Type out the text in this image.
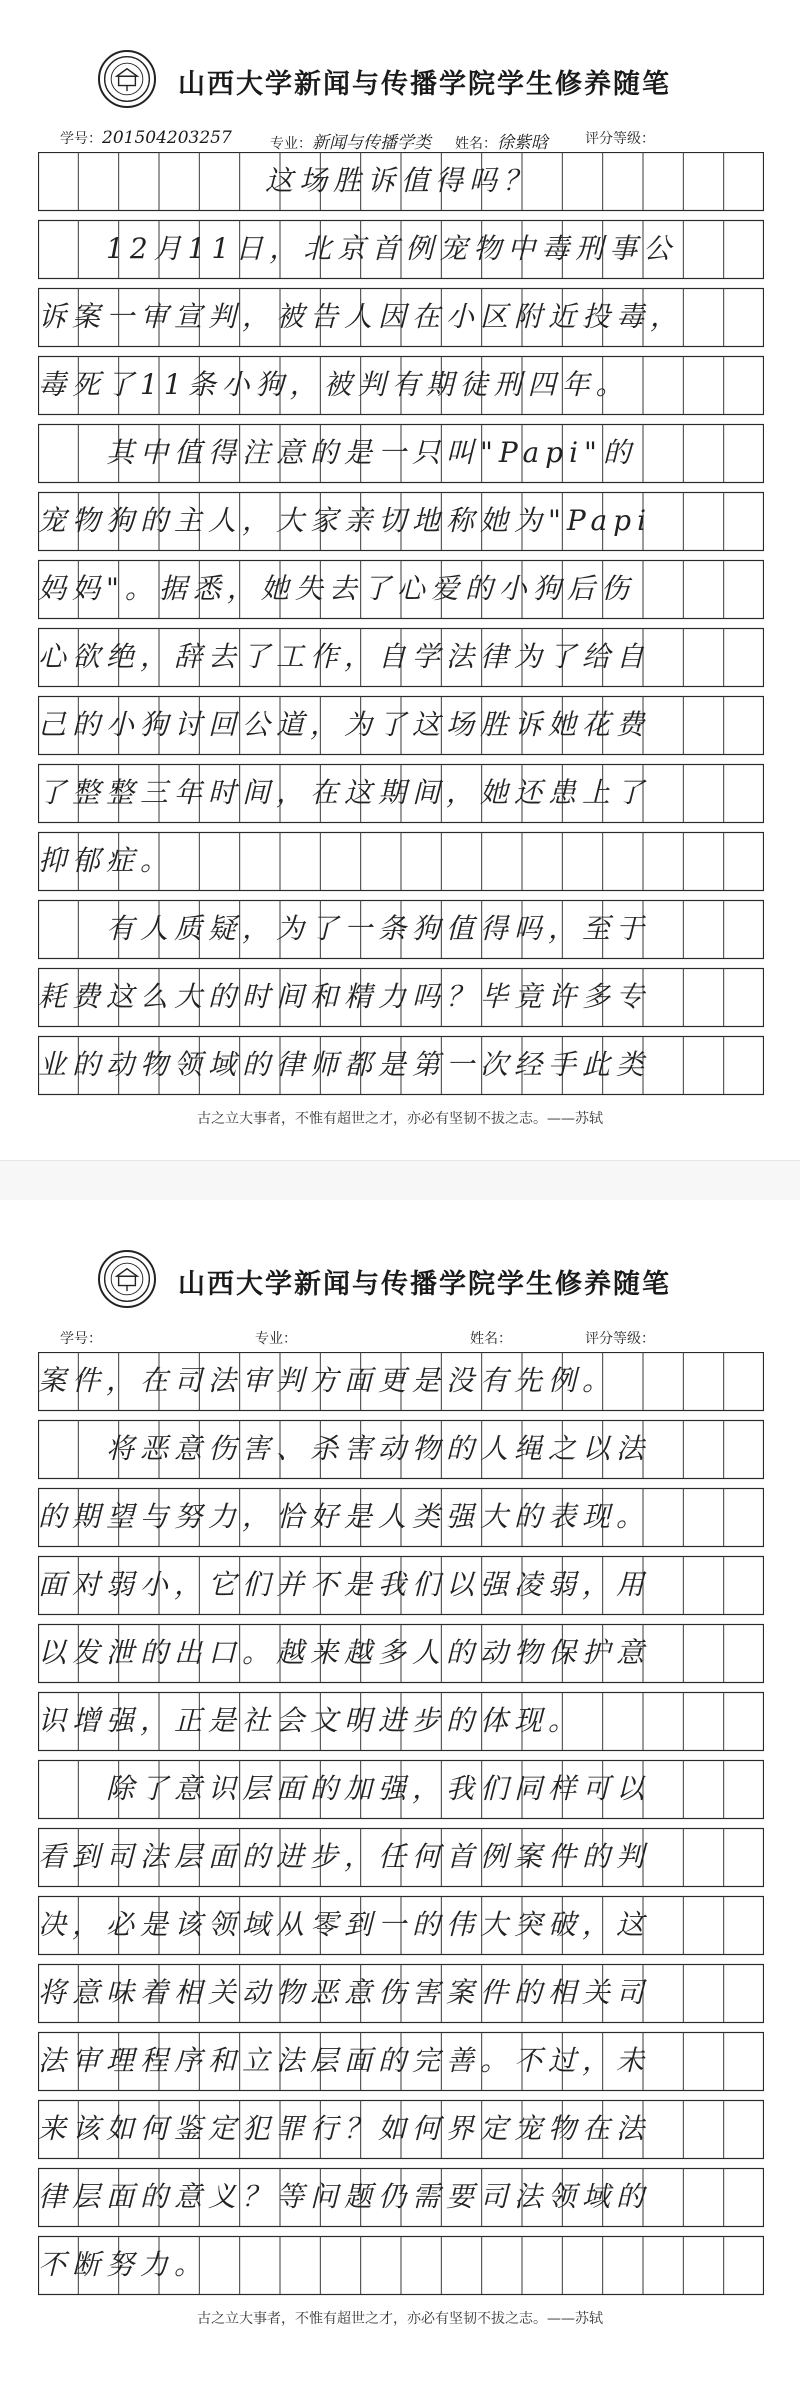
山西大学新闻与传播学院学生修养随笔
学号：201504203257	专业：新闻与传播学类 姓名：徐紫晗	评分等级：
这场胜诉值得吗？
　　12月11日，北京首例宠物中毒刑事公
诉案一审宣判，被告人因在小区附近投毒，
毒死了11条小狗，被判有期徒刑四年。
　　其中值得注意的是一只叫"Papi"的
宠物狗的主人，大家亲切地称她为"Papi
妈妈"。据悉，她失去了心爱的小狗后伤
心欲绝，辞去了工作，自学法律为了给自
己的小狗讨回公道，为了这场胜诉她花费
了整整三年时间，在这期间，她还患上了
抑郁症。
　　有人质疑，为了一条狗值得吗，至于
耗费这么大的时间和精力吗？毕竟许多专
业的动物领域的律师都是第一次经手此类
古之立大事者，不惟有超世之才，亦必有坚韧不拔之志。——苏轼
山西大学新闻与传播学院学生修养随笔
学号：	专业：	姓名：	评分等级：
案件，在司法审判方面更是没有先例。
　　将恶意伤害、杀害动物的人绳之以法
的期望与努力，恰好是人类强大的表现。
面对弱小，它们并不是我们以强凌弱，用
以发泄的出口。越来越多人的动物保护意
识增强，正是社会文明进步的体现。
　　除了意识层面的加强，我们同样可以
看到司法层面的进步，任何首例案件的判
决，必是该领域从零到一的伟大突破，这
将意味着相关动物恶意伤害案件的相关司
法审理程序和立法层面的完善。不过，未
来该如何鉴定犯罪行？如何界定宠物在法
律层面的意义？等问题仍需要司法领域的
不断努力。
古之立大事者，不惟有超世之才，亦必有坚韧不拔之志。——苏轼
